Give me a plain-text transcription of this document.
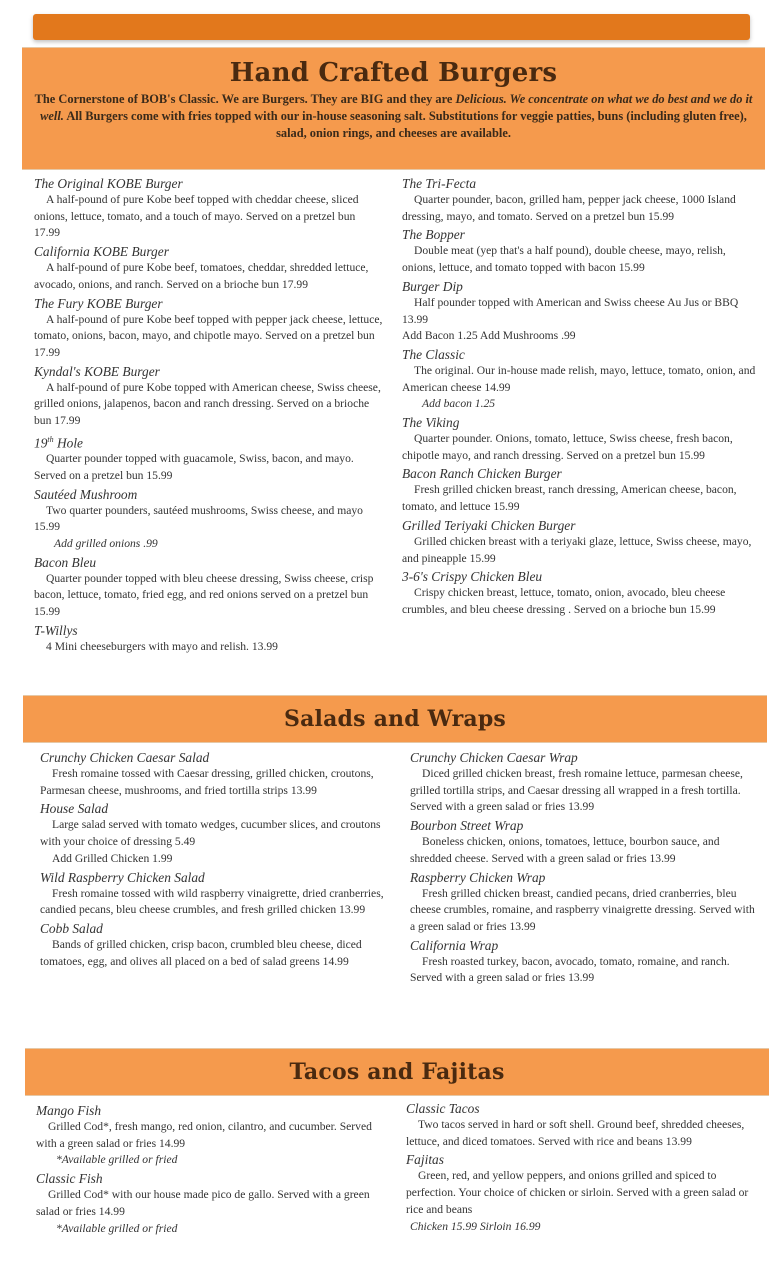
Hand Crafted Burgers
The Cornerstone of BOB's Classic. We are Burgers. They are BIG and they are Delicious. We concentrate on what we do best and we do it well. All Burgers come with fries topped with our in-house seasoning salt. Substitutions for veggie patties, buns (including gluten free), salad, onion rings, and cheeses are available.
The Original KOBE Burger
A half-pound of pure Kobe beef topped with cheddar cheese, sliced onions, lettuce, tomato, and a touch of mayo. Served on a pretzel bun 17.99
California KOBE Burger
A half-pound of pure Kobe beef, tomatoes, cheddar, shredded lettuce, avocado, onions, and ranch. Served on a brioche bun 17.99
The Fury KOBE Burger
A half-pound of pure Kobe beef topped with pepper jack cheese, lettuce, tomato, onions, bacon, mayo, and chipotle mayo. Served on a pretzel bun 17.99
Kyndal's KOBE Burger
A half-pound of pure Kobe topped with American cheese, Swiss cheese, grilled onions, jalapenos, bacon and ranch dressing. Served on a brioche bun 17.99
19th Hole
Quarter pounder topped with guacamole, Swiss, bacon, and mayo. Served on a pretzel bun 15.99
Sautéed Mushroom
Two quarter pounders, sautéed mushrooms, Swiss cheese, and mayo 15.99
Add grilled onions .99
Bacon Bleu
Quarter pounder topped with bleu cheese dressing, Swiss cheese, crisp bacon, lettuce, tomato, fried egg, and red onions served on a pretzel bun 15.99
T-Willys
4 Mini cheeseburgers with mayo and relish. 13.99
The Tri-Fecta
Quarter pounder, bacon, grilled ham, pepper jack cheese, 1000 Island dressing, mayo, and tomato. Served on a pretzel bun 15.99
The Bopper
Double meat (yep that's a half pound), double cheese, mayo, relish, onions, lettuce, and tomato topped with bacon 15.99
Burger Dip
Half pounder topped with American and Swiss cheese Au Jus or BBQ 13.99
Add Bacon 1.25 Add Mushrooms .99
The Classic
The original. Our in-house made relish, mayo, lettuce, tomato, onion, and American cheese 14.99
Add bacon 1.25
The Viking
Quarter pounder. Onions, tomato, lettuce, Swiss cheese, fresh bacon, chipotle mayo, and ranch dressing. Served on a pretzel bun 15.99
Bacon Ranch Chicken Burger
Fresh grilled chicken breast, ranch dressing, American cheese, bacon, tomato, and lettuce 15.99
Grilled Teriyaki Chicken Burger
Grilled chicken breast with a teriyaki glaze, lettuce, Swiss cheese, mayo, and pineapple 15.99
3-6's Crispy Chicken Bleu
Crispy chicken breast, lettuce, tomato, onion, avocado, bleu cheese crumbles, and bleu cheese dressing . Served on a brioche bun 15.99
Salads and Wraps
Crunchy Chicken Caesar Salad
Fresh romaine tossed with Caesar dressing, grilled chicken, croutons, Parmesan cheese, mushrooms, and fried tortilla strips 13.99
House Salad
Large salad served with tomato wedges, cucumber slices, and croutons with your choice of dressing 5.49
Add Grilled Chicken 1.99
Wild Raspberry Chicken Salad
Fresh romaine tossed with wild raspberry vinaigrette, dried cranberries, candied pecans, bleu cheese crumbles, and fresh grilled chicken 13.99
Cobb Salad
Bands of grilled chicken, crisp bacon, crumbled bleu cheese, diced tomatoes, egg, and olives all placed on a bed of salad greens 14.99
Crunchy Chicken Caesar Wrap
Diced grilled chicken breast, fresh romaine lettuce, parmesan cheese, grilled tortilla strips, and Caesar dressing all wrapped in a fresh tortilla. Served with a green salad or fries 13.99
Bourbon Street Wrap
Boneless chicken, onions, tomatoes, lettuce, bourbon sauce, and shredded cheese. Served with a green salad or fries 13.99
Raspberry Chicken Wrap
Fresh grilled chicken breast, candied pecans, dried cranberries, bleu cheese crumbles, romaine, and raspberry vinaigrette dressing. Served with a green salad or fries 13.99
California Wrap
Fresh roasted turkey, bacon, avocado, tomato, romaine, and ranch. Served with a green salad or fries 13.99
Tacos and Fajitas
Mango Fish
Grilled Cod*, fresh mango, red onion, cilantro, and cucumber. Served with a green salad or fries 14.99
*Available grilled or fried
Classic Fish
Grilled Cod* with our house made pico de gallo. Served with a green salad or fries 14.99
*Available grilled or fried
Classic Tacos
Two tacos served in hard or soft shell. Ground beef, shredded cheeses, lettuce, and diced tomatoes. Served with rice and beans 13.99
Fajitas
Green, red, and yellow peppers, and onions grilled and spiced to perfection. Your choice of chicken or sirloin. Served with a green salad or rice and beans
Chicken 15.99 Sirloin 16.99
